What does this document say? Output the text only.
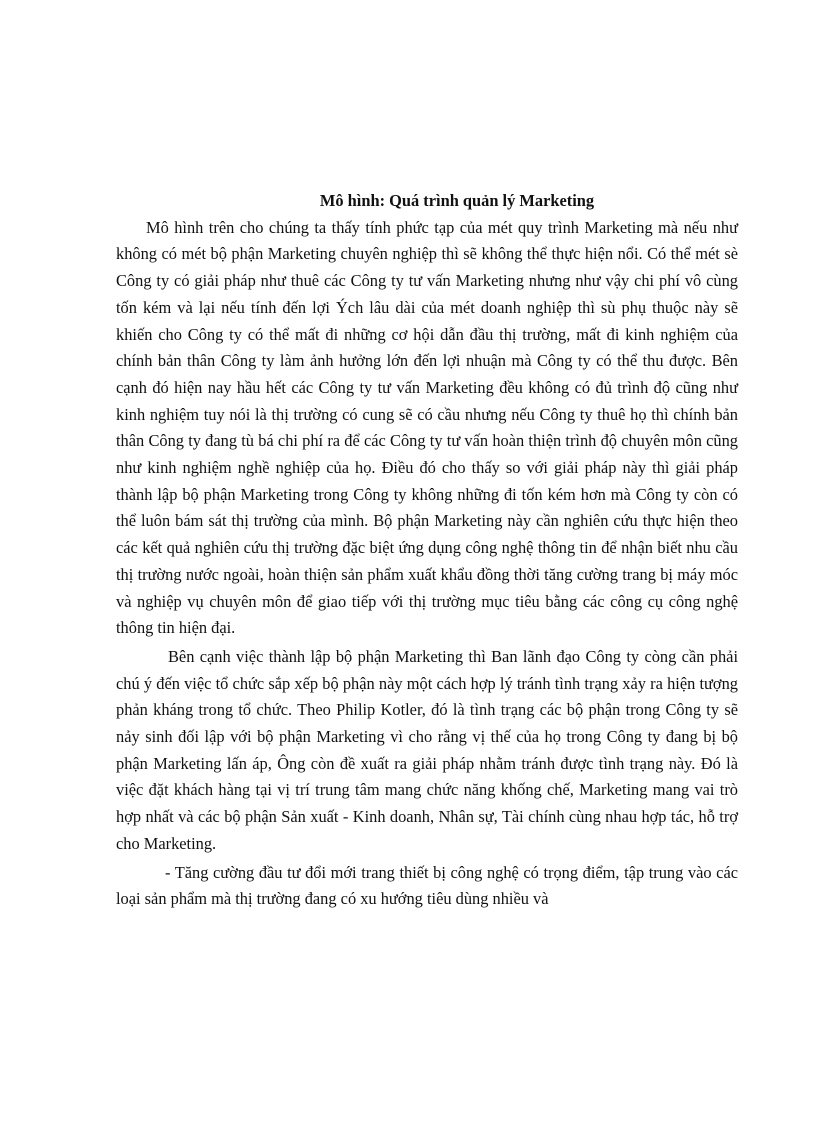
Mô hình: Quá trình quản lý Marketing

Mô hình trên cho chúng ta thấy tính phức tạp của mét quy trình Marketing mà nếu như không có mét bộ phận Marketing chuyên nghiệp thì sẽ không thể thực hiện nổi. Có thể mét sè Công ty có giải pháp như thuê các Công ty tư vấn Marketing nhưng như vậy chi phí vô cùng tốn kém và lại nếu tính đến lợi Ých lâu dài của mét doanh nghiệp thì sù phụ thuộc này sẽ khiến cho Công ty có thể mất đi những cơ hội dẫn đầu thị trường, mất đi kinh nghiệm của chính bản thân Công ty làm ảnh hưởng lớn đến lợi nhuận mà Công ty có thể thu được. Bên cạnh đó hiện nay hầu hết các Công ty tư vấn Marketing đều không có đủ trình độ cũng như kinh nghiệm tuy nói là thị trường có cung sẽ có cầu nhưng nếu Công ty thuê họ thì chính bản thân Công ty đang tù bá chi phí ra để các Công ty tư vấn hoàn thiện trình độ chuyên môn cũng như kinh nghiệm nghề nghiệp của họ. Điều đó cho thấy so với giải pháp này thì giải pháp thành lập bộ phận Marketing trong Công ty không những đi tốn kém hơn mà Công ty còn có thể luôn bám sát thị trường của mình. Bộ phận Marketing này cần nghiên cứu thực hiện theo các kết quả nghiên cứu thị trường đặc biệt ứng dụng công nghệ thông tin để nhận biết nhu cầu thị trường nước ngoài, hoàn thiện sản phẩm xuất khẩu đồng thời tăng cường trang bị máy móc và nghiệp vụ chuyên môn để giao tiếp với thị trường mục tiêu bằng các công cụ công nghệ thông tin hiện đại.

Bên cạnh việc thành lập bộ phận Marketing thì Ban lãnh đạo Công ty còng cần phải chú ý đến việc tổ chức sắp xếp bộ phận này một cách hợp lý tránh tình trạng xảy ra hiện tượng phản kháng trong tổ chức. Theo Philip Kotler, đó là tình trạng các bộ phận trong Công ty sẽ nảy sinh đối lập với bộ phận Marketing vì cho rằng vị thế của họ trong Công ty đang bị bộ phận Marketing lấn áp, Ông còn đề xuất ra giải pháp nhằm tránh được tình trạng này. Đó là việc đặt khách hàng tại vị trí trung tâm mang chức năng khống chế, Marketing mang vai trò hợp nhất và các bộ phận Sản xuất - Kinh doanh, Nhân sự, Tài chính cùng nhau hợp tác, hỗ trợ cho Marketing.

- Tăng cường đầu tư đổi mới trang thiết bị công nghệ có trọng điểm, tập trung vào các loại sản phẩm mà thị trường đang có xu hướng tiêu dùng nhiều và
